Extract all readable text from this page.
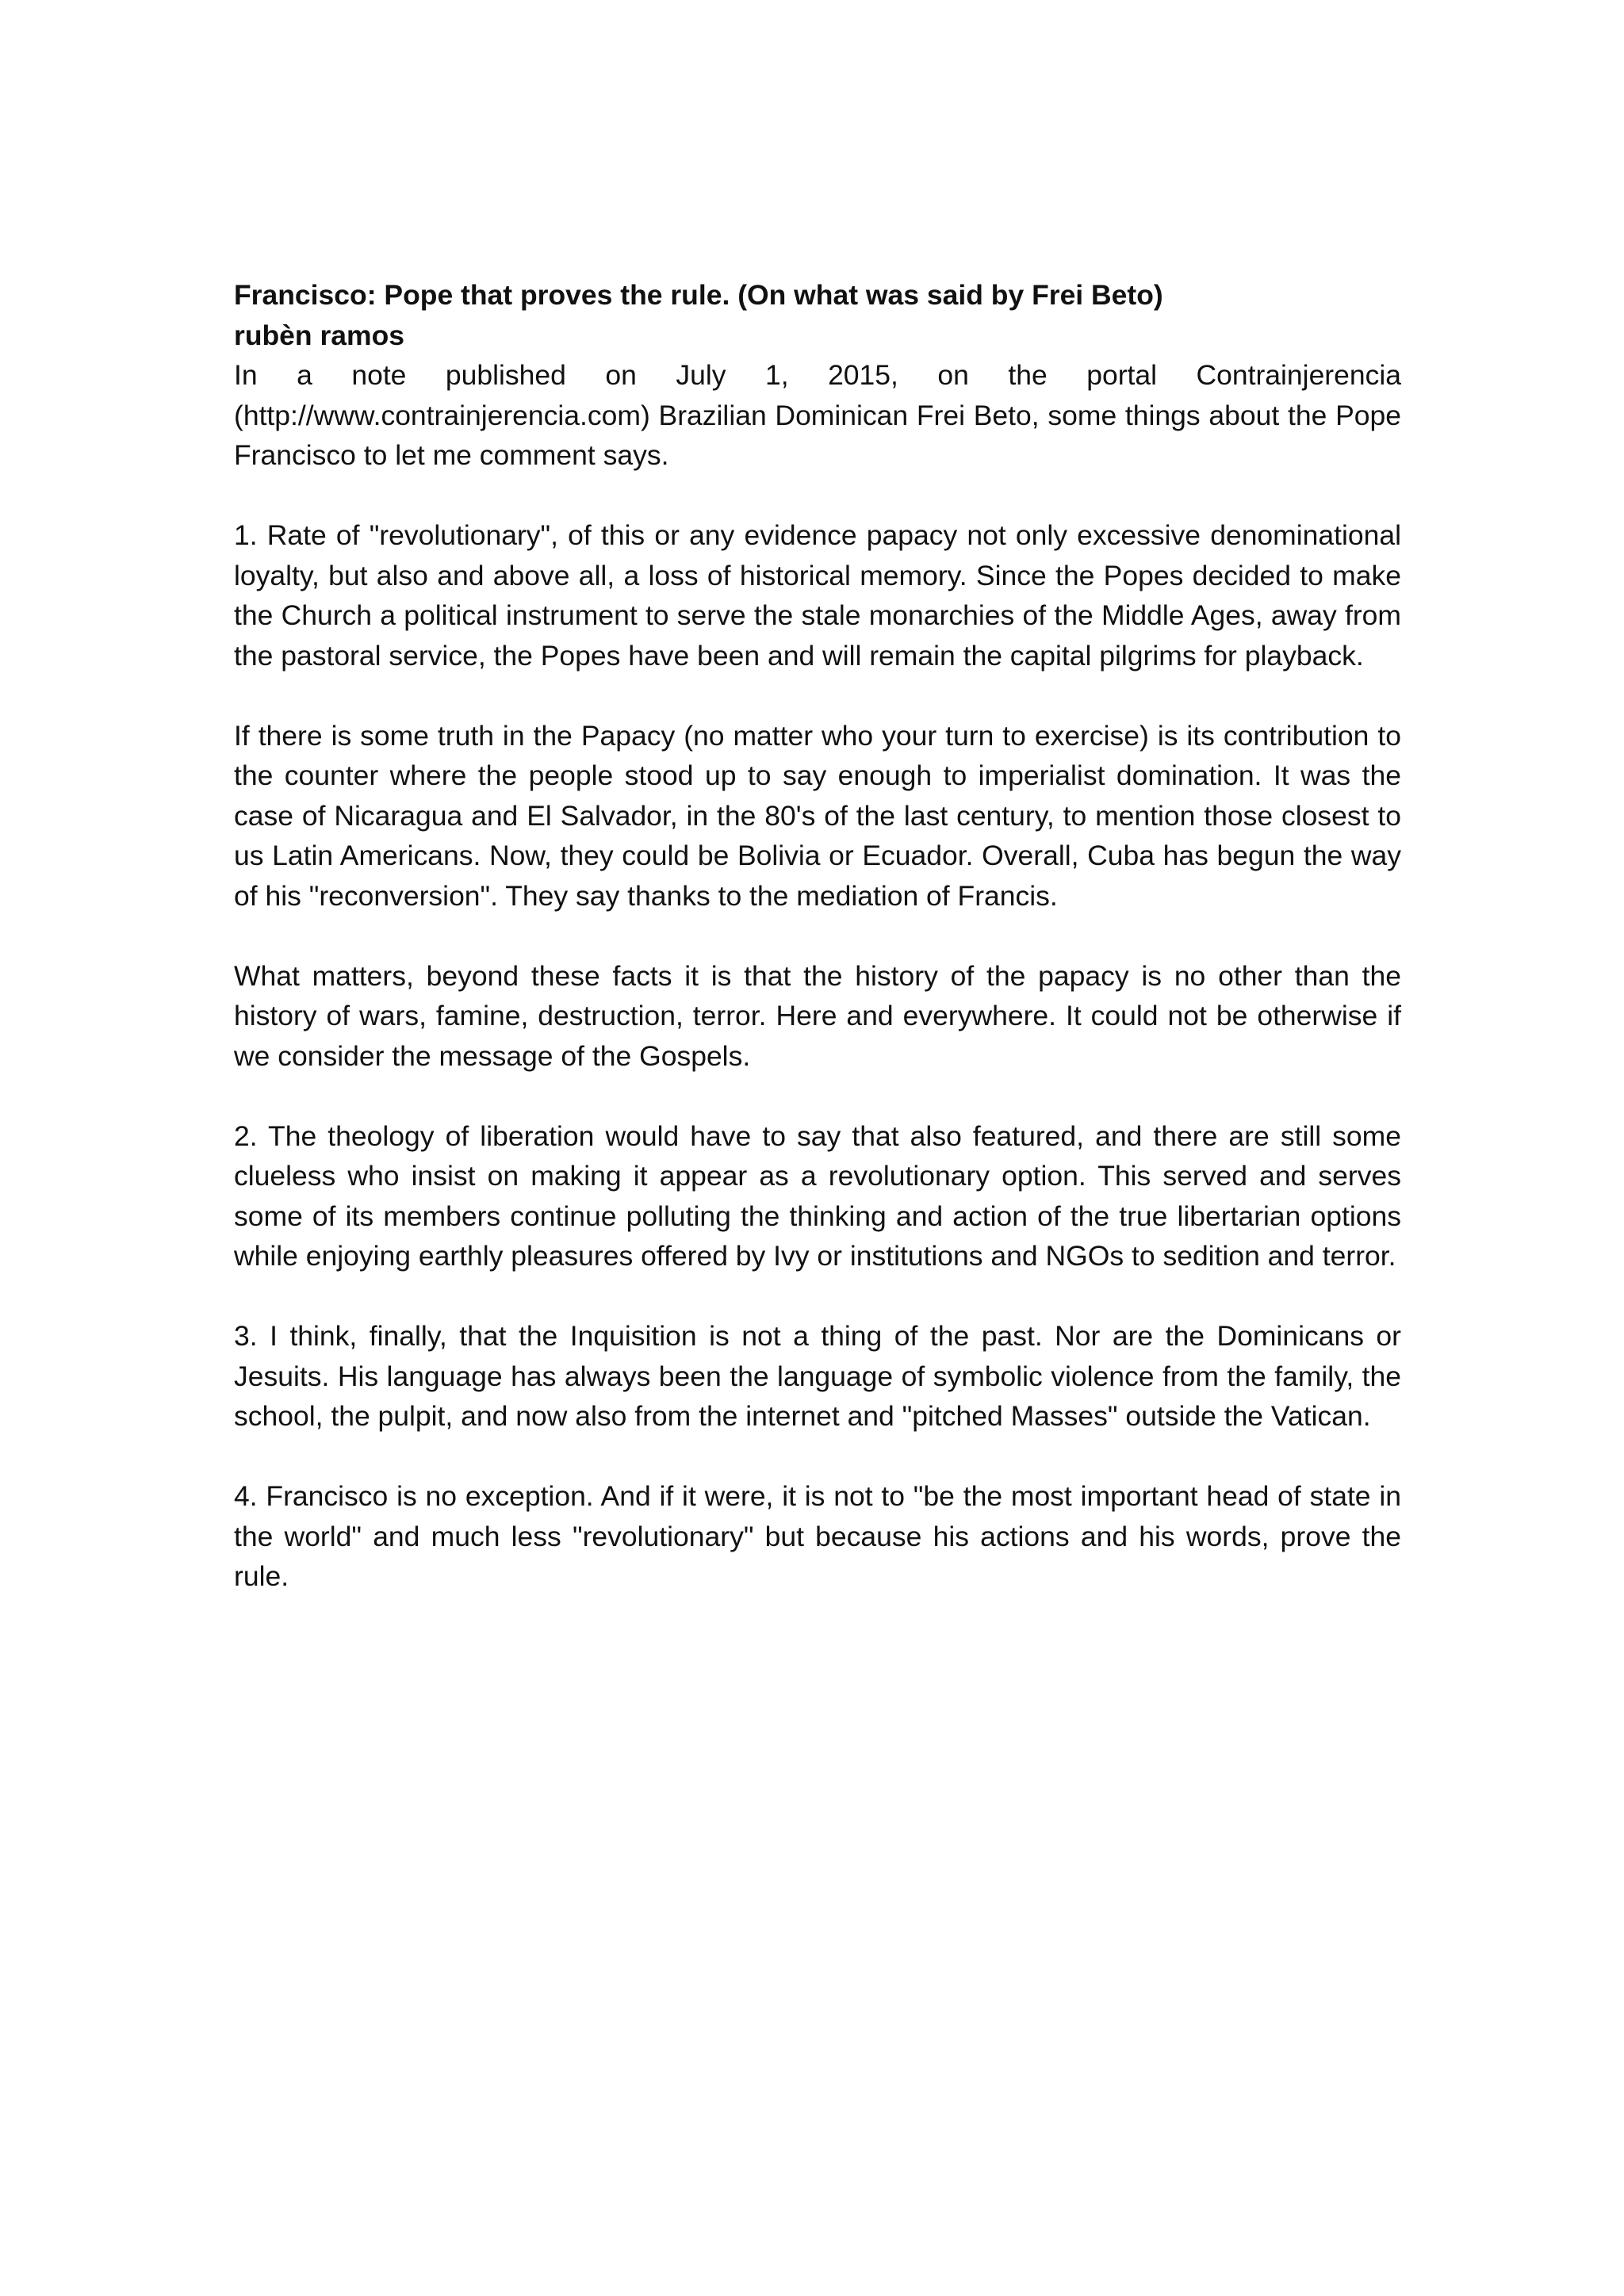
Francisco: Pope that proves the rule. (On what was said by Frei Beto)

rubèn ramos

In a note published on July 1, 2015, on the portal Contrainjerencia (http://www.contrainjerencia.com) Brazilian Dominican Frei Beto, some things about the Pope Francisco to let me comment says.

1. Rate of "revolutionary", of this or any evidence papacy not only excessive denominational loyalty, but also and above all, a loss of historical memory. Since the Popes decided to make the Church a political instrument to serve the stale monarchies of the Middle Ages, away from the pastoral service, the Popes have been and will remain the capital pilgrims for playback.

If there is some truth in the Papacy (no matter who your turn to exercise) is its contribution to the counter where the people stood up to say enough to imperialist domination. It was the case of Nicaragua and El Salvador, in the 80's of the last century, to mention those closest to us Latin Americans. Now, they could be Bolivia or Ecuador. Overall, Cuba has begun the way of his "reconversion". They say thanks to the mediation of Francis.

What matters, beyond these facts it is that the history of the papacy is no other than the history of wars, famine, destruction, terror. Here and everywhere. It could not be otherwise if we consider the message of the Gospels.

2. The theology of liberation would have to say that also featured, and there are still some clueless who insist on making it appear as a revolutionary option. This served and serves some of its members continue polluting the thinking and action of the true libertarian options while enjoying earthly pleasures offered by Ivy or institutions and NGOs to sedition and terror.

3. I think, finally, that the Inquisition is not a thing of the past. Nor are the Dominicans or Jesuits. His language has always been the language of symbolic violence from the family, the school, the pulpit, and now also from the internet and "pitched Masses" outside the Vatican.

4. Francisco is no exception. And if it were, it is not to "be the most important head of state in the world" and much less "revolutionary" but because his actions and his words, prove the rule.
